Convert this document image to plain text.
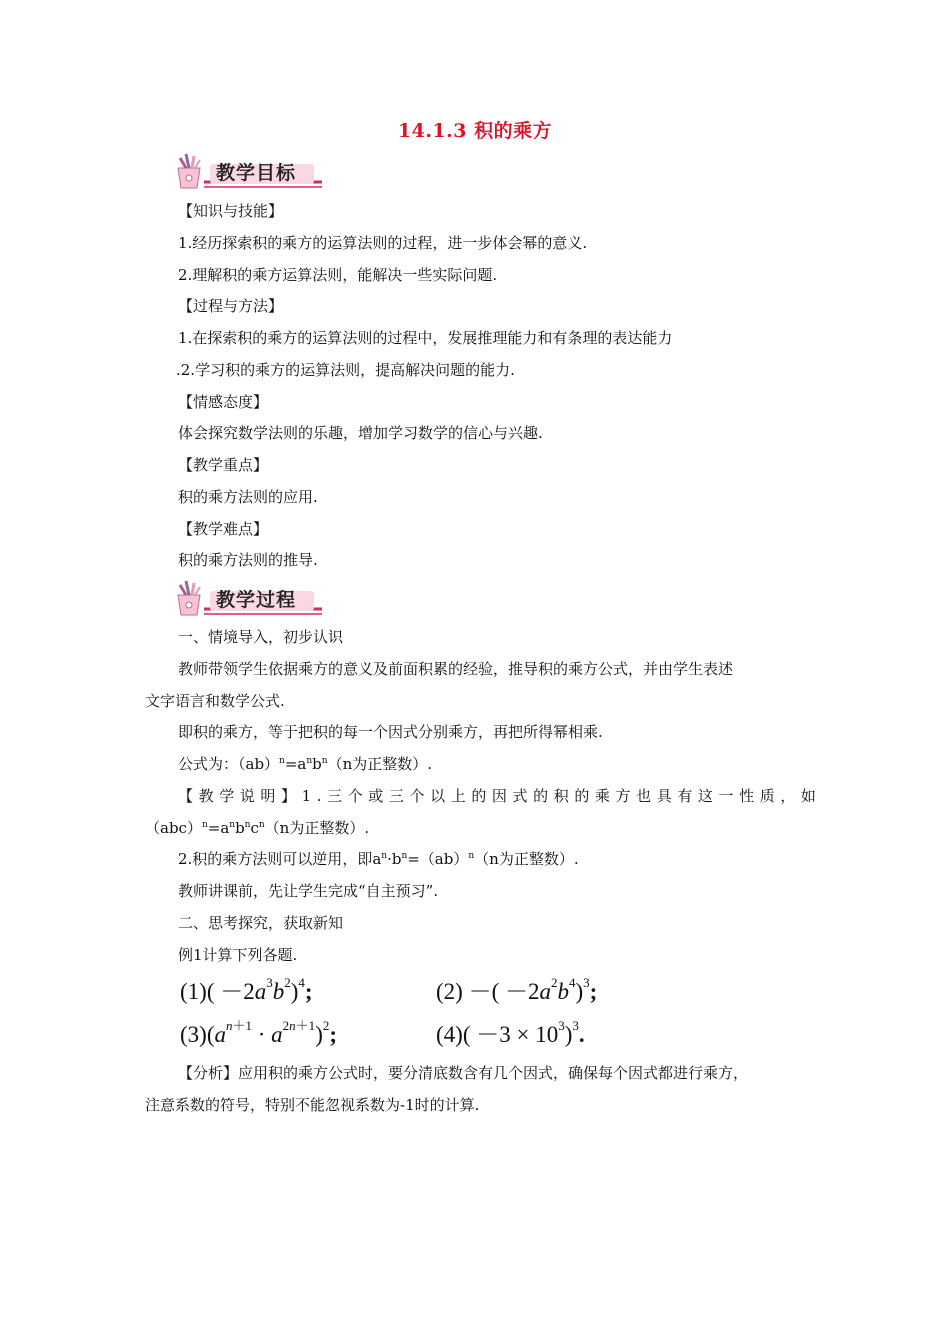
14.1.3 积的乘方
教学目标
【知识与技能】
1.经历探索积的乘方的运算法则的过程，进一步体会幂的意义.
2.理解积的乘方运算法则，能解决一些实际问题.
【过程与方法】
1.在探索积的乘方的运算法则的过程中，发展推理能力和有条理的表达能力
.2.学习积的乘方的运算法则，提高解决问题的能力.
【情感态度】
体会探究数学法则的乐趣，增加学习数学的信心与兴趣.
【教学重点】
积的乘方法则的应用.
【教学难点】
积的乘方法则的推导.
教学过程
一、情境导入，初步认识
教师带领学生依据乘方的意义及前面积累的经验，推导积的乘方公式，并由学生表述
文字语言和数学公式.
即积的乘方，等于把积的每一个因式分别乘方，再把所得幂相乘.
公式为：$(ab)^n=a^nb^n(n$为正整数）.
【教学说明】1.三个或三个以上的因式的积的乘方也具有这一性质，如
$(abc)^n=a^nb^nc^n(n$为正整数）.
2.积的乘方法则可以逆用，即$a^n\cdot b^n=(ab)^n(n$为正整数）.
教师讲课前，先让学生完成“自主预习”.
二、思考探究，获取新知
例1计算下列各题.
$(1)( -2a^3b^2)^4$;	(2) －( $-2a^2b^4)^3$;
$(3)(a^{n+1} \cdot a^{2n+1})^2$;	$(4)( -3 \times 10^3)^3$.
【分析】应用积的乘方公式时，要分清底数含有几个因式，确保每个因式都进行乘方，
注意系数的符号，特别不能忽视系数为-1时的计算.
